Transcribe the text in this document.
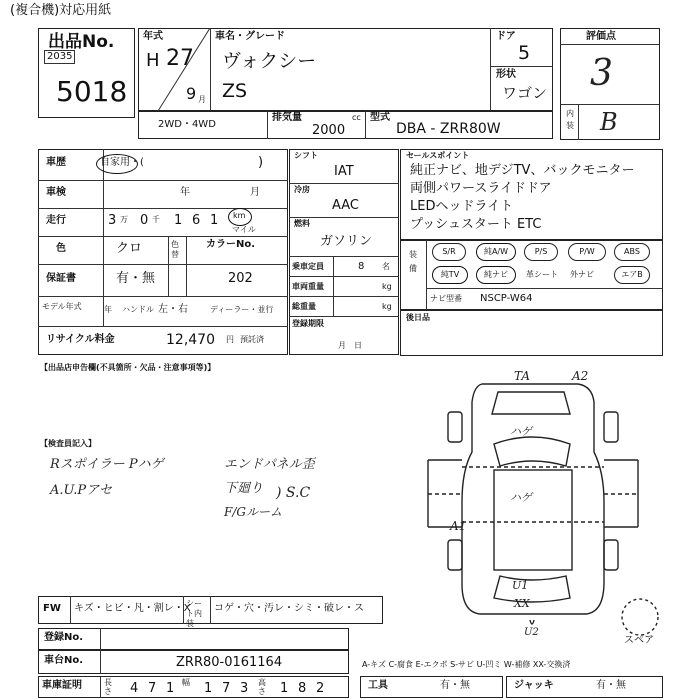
(複合機)対応用紙
出品No.
2035
5018
年式
H 27
9 月
車名・グレード
ヴォクシー
ZS
ドア
5
形状
ワゴン
2WD・4WD
排気量	cc
2000
型式
DBA - ZRR80W
評価点
3
内装 B
車歴	自家用・(	)
車検	年	月
走行	3 万 0 千 1 6 1 km
マイル
色	クロ	色替
カラーNo.
202
保証書	有・無
モデル年式	年 ハンドル 左・右	ディーラー・並行
リサイクル料金	12,470 円 預託済
シフト
IAT
冷房
AAC
燃料
ガソリン
乗車定員	8 名
車両重量	kg
総重量	kg
登録期限
月　日
セールスポイント
純正ナビ、地デジTV、バックモニター
両側パワースライドドア
LEDヘッドライト
プッシュスタート ETC
装備
S/R	純A/W	P/S	P/W	ABS
純TV	純ナビ	革シート 外ナビ	エアB
ナビ型番 NSCP-W64
後日品
【出品店申告欄(不具箇所・欠品・注意事項等)】
【検査員記入】
Rスポイラー Pハゲ
A.U.Pアセ
エンドパネル歪
下廻り
F/Gルーム
) S.C
TA	A2
ハゲ
ハゲ
A1
U1
XX
U2
スペア
FW キズ・ヒビ・凡・割レ・X
シート内装
コゲ・穴・汚レ・シミ・破レ・ス
登録No.
車台No.	ZRR80-0161164	A-キズ C-腐食 E-エクボ S-サビ U-凹ミ W-補修 XX-交換済
車庫証明	長さ 4 7 1 幅 1 7 3 高さ 1 8 2	工具	有・無	ジャッキ	有・無
